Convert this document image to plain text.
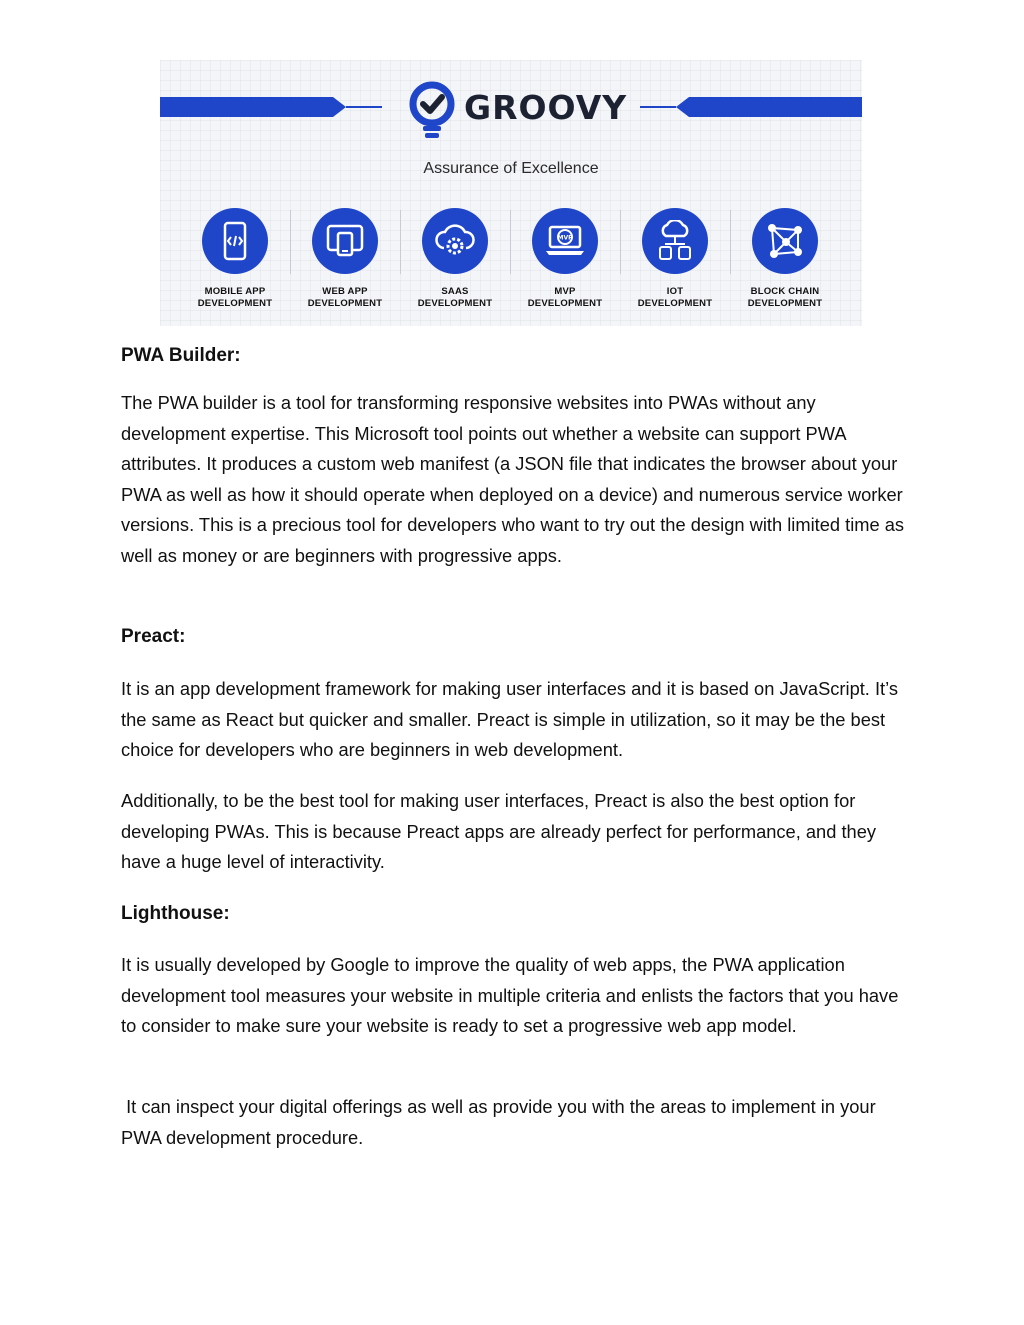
GROOVY
Assurance of Excellence
MOBILE APP
DEVELOPMENT
WEB APP
DEVELOPMENT
SAAS
DEVELOPMENT
MVP
MVP
DEVELOPMENT
IOT
DEVELOPMENT
BLOCK CHAIN
DEVELOPMENT
PWA Builder:

The PWA builder is a tool for transforming responsive websites into PWAs without any development expertise. This Microsoft tool points out whether a website can support PWA attributes. It produces a custom web manifest (a JSON file that indicates the browser about your PWA as well as how it should operate when deployed on a device) and numerous service worker versions. This is a precious tool for developers who want to try out the design with limited time as well as money or are beginners with progressive apps.

Preact:

It is an app development framework for making user interfaces and it is based on JavaScript. It’s the same as React but quicker and smaller. Preact is simple in utilization, so it may be the best choice for developers who are beginners in web development.

Additionally, to be the best tool for making user interfaces, Preact is also the best option for developing PWAs. This is because Preact apps are already perfect for performance, and they have a huge level of interactivity.

Lighthouse:

It is usually developed by Google to improve the quality of web apps, the PWA application development tool measures your website in multiple criteria and enlists the factors that you have to consider to make sure your website is ready to set a progressive web app model.

It can inspect your digital offerings as well as provide you with the areas to implement in your PWA development procedure.
